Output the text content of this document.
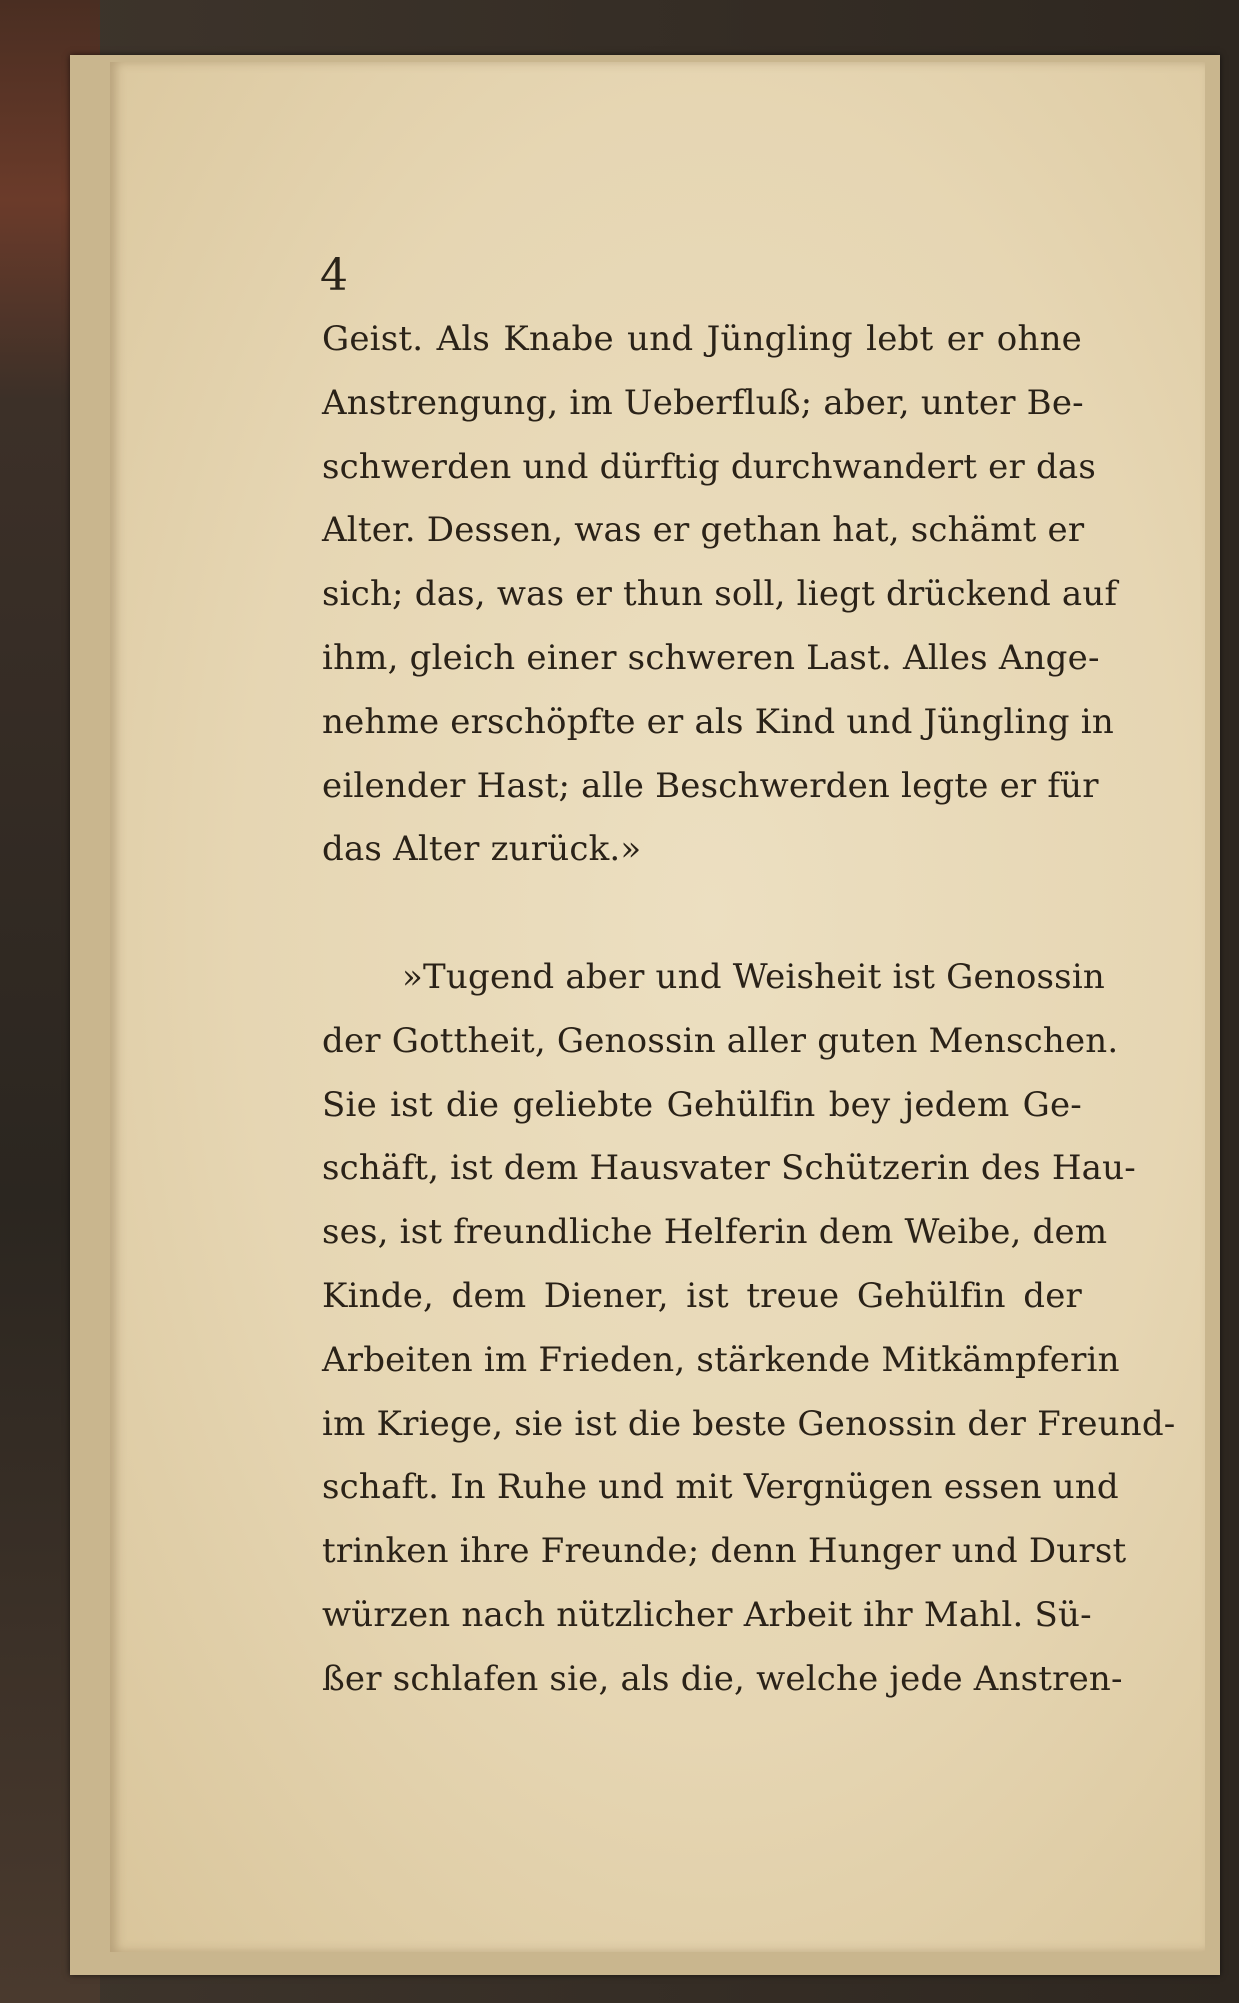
4
Geist. Als Knabe und Jüngling lebt er ohne
Anstrengung, im Ueberfluß; aber, unter Be-
schwerden und dürftig durchwandert er das
Alter. Dessen, was er gethan hat, schämt er
sich; das, was er thun soll, liegt drückend auf
ihm, gleich einer schweren Last. Alles Ange-
nehme erschöpfte er als Kind und Jüngling in
eilender Hast; alle Beschwerden legte er für
das Alter zurück.»
»Tugend aber und Weisheit ist Genossin
der Gottheit, Genossin aller guten Menschen.
Sie ist die geliebte Gehülfin bey jedem Ge-
schäft, ist dem Hausvater Schützerin des Hau-
ses, ist freundliche Helferin dem Weibe, dem
Kinde, dem Diener, ist treue Gehülfin der
Arbeiten im Frieden, stärkende Mitkämpferin
im Kriege, sie ist die beste Genossin der Freund-
schaft. In Ruhe und mit Vergnügen essen und
trinken ihre Freunde; denn Hunger und Durst
würzen nach nützlicher Arbeit ihr Mahl. Sü-
ßer schlafen sie, als die, welche jede Anstren-
